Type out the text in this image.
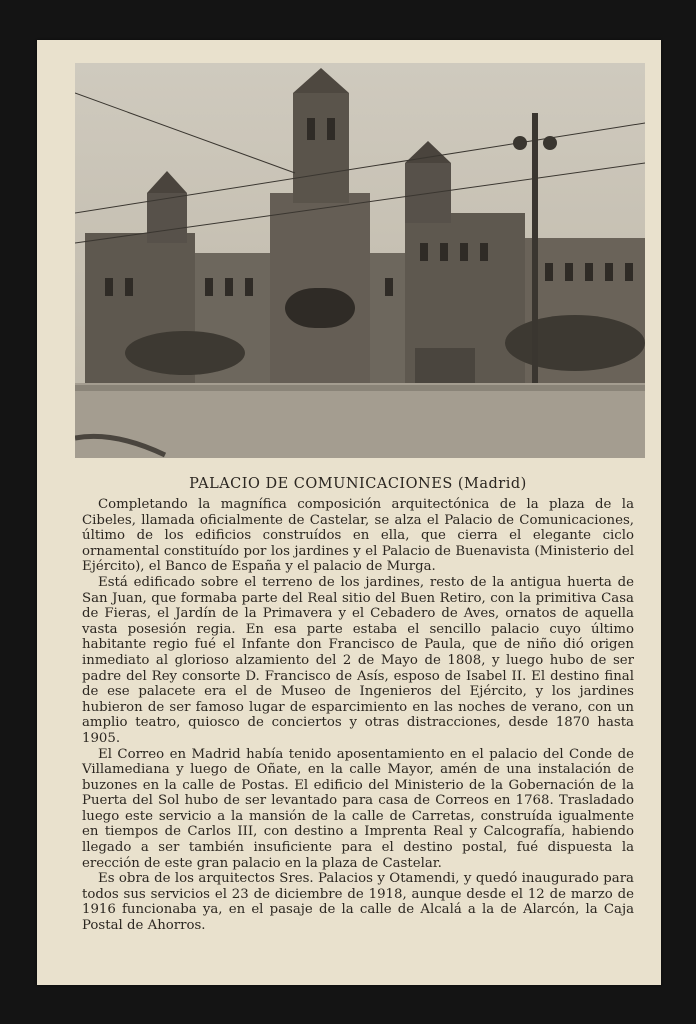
PALACIO DE COMUNICACIONES (Madrid)

Completando la magnífica composición arquitectónica de la plaza de la Cibeles, llamada oficialmente de Castelar, se alza el Palacio de Comunicaciones, último de los edificios construídos en ella, que cierra el elegante ciclo ornamental constituído por los jardines y el Palacio de Buenavista (Ministerio del Ejército), el Banco de España y el palacio de Murga.

Está edificado sobre el terreno de los jardines, resto de la antigua huerta de San Juan, que formaba parte del Real sitio del Buen Retiro, con la primitiva Casa de Fieras, el Jardín de la Primavera y el Cebadero de Aves, ornatos de aquella vasta posesión regia. En esa parte estaba el sencillo palacio cuyo último habitante regio fué el Infante don Francisco de Paula, que de niño dió origen inmediato al glorioso alzamiento del 2 de Mayo de 1808, y luego hubo de ser padre del Rey consorte D. Francisco de Asís, esposo de Isabel II. El destino final de ese palacete era el de Museo de Ingenieros del Ejército, y los jardines hubieron de ser famoso lugar de esparcimiento en las noches de verano, con un amplio teatro, quiosco de conciertos y otras distracciones, desde 1870 hasta 1905.

El Correo en Madrid había tenido aposentamiento en el palacio del Conde de Villamediana y luego de Oñate, en la calle Mayor, amén de una instalación de buzones en la calle de Postas. El edificio del Ministerio de la Gobernación de la Puerta del Sol hubo de ser levantado para casa de Correos en 1768. Trasladado luego este servicio a la mansión de la calle de Carretas, construída igualmente en tiempos de Carlos III, con destino a Imprenta Real y Calcografía, habiendo llegado a ser también insuficiente para el destino postal, fué dispuesta la erección de este gran palacio en la plaza de Castelar.

Es obra de los arquitectos Sres. Palacios y Otamendi, y quedó inaugurado para todos sus servicios el 23 de diciembre de 1918, aunque desde el 12 de marzo de 1916 funcionaba ya, en el pasaje de la calle de Alcalá a la de Alarcón, la Caja Postal de Ahorros.
